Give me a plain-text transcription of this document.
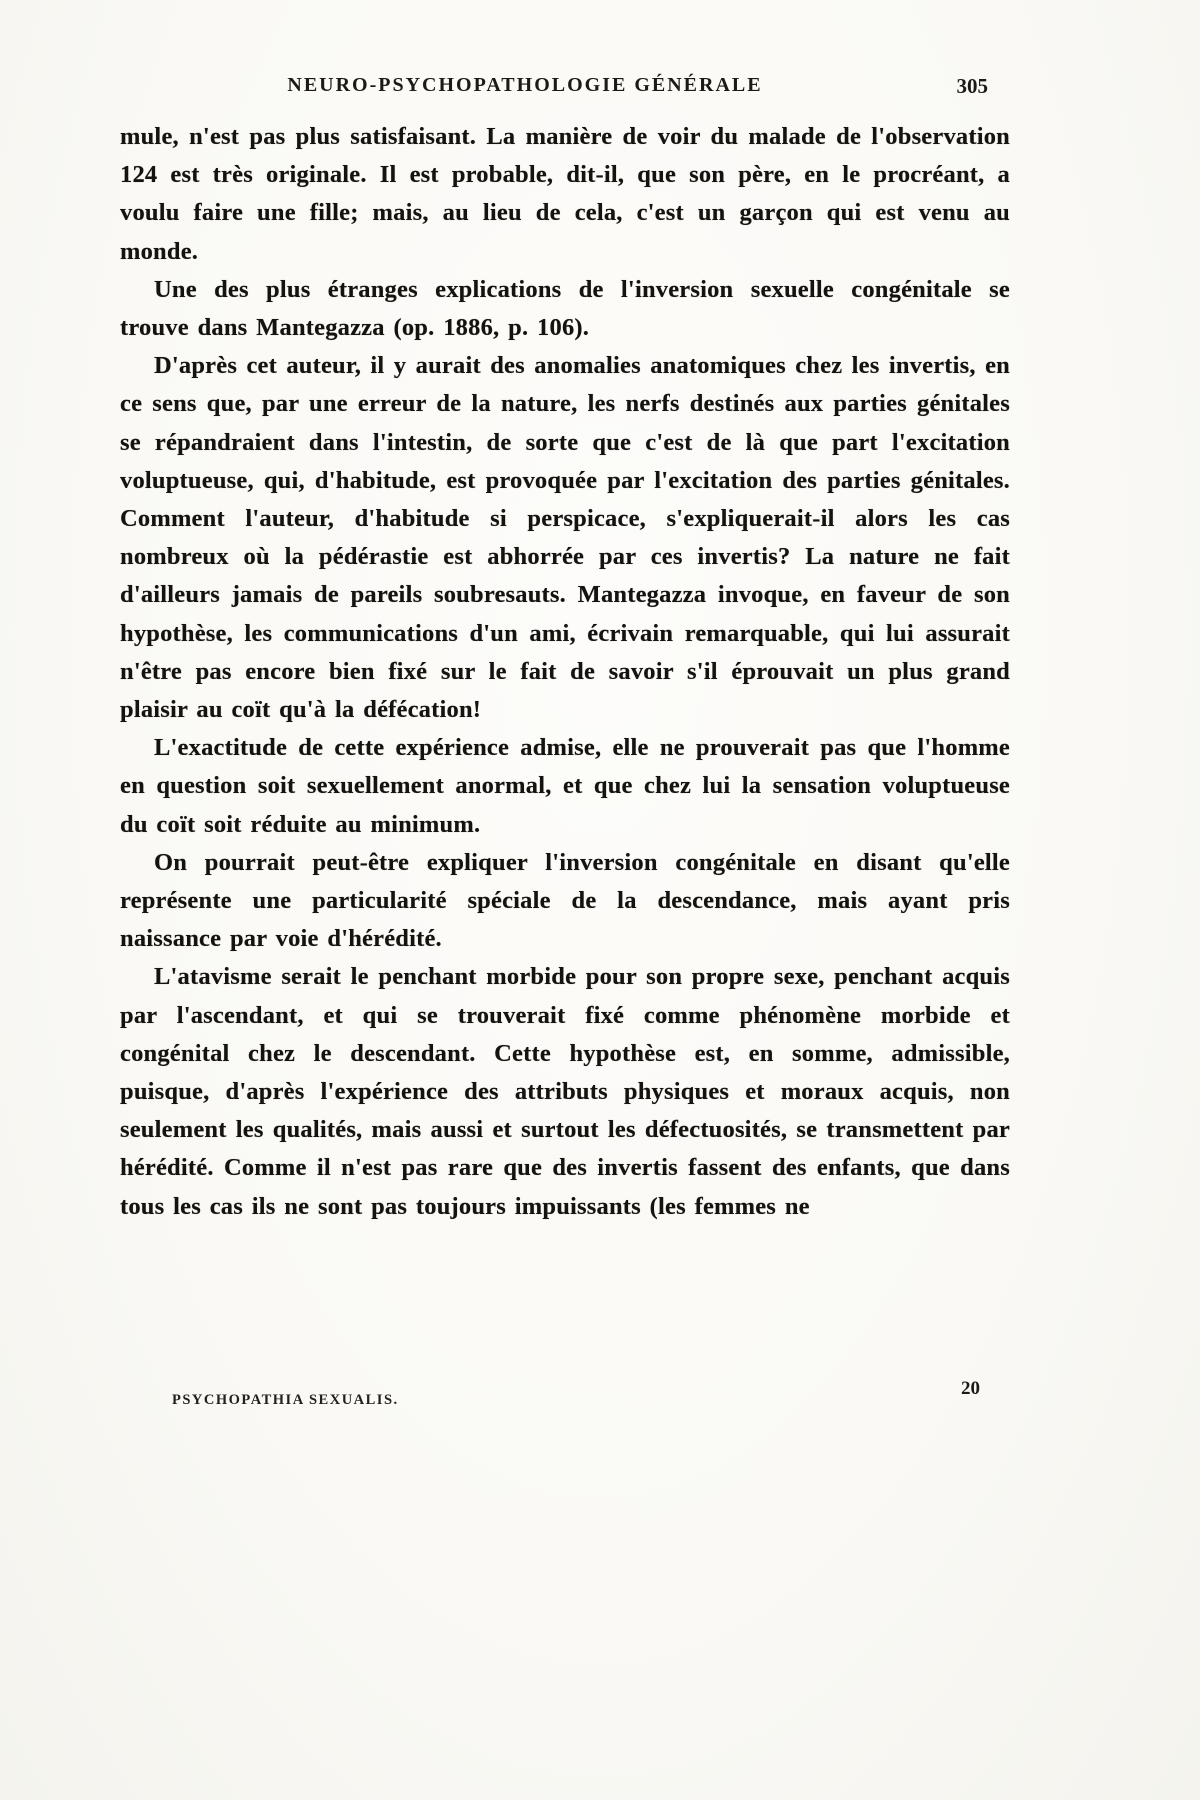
NEURO-PSYCHOPATHOLOGIE GÉNÉRALE	305

mule, n'est pas plus satisfaisant. La manière de voir du malade de l'observation 124 est très originale. Il est probable, dit-il, que son père, en le procréant, a voulu faire une fille; mais, au lieu de cela, c'est un garçon qui est venu au monde.

Une des plus étranges explications de l'inversion sexuelle congénitale se trouve dans Mantegazza (op. 1886, p. 106).

D'après cet auteur, il y aurait des anomalies anatomiques chez les invertis, en ce sens que, par une erreur de la nature, les nerfs destinés aux parties génitales se répandraient dans l'intestin, de sorte que c'est de là que part l'excitation voluptueuse, qui, d'habitude, est provoquée par l'excitation des parties génitales. Comment l'auteur, d'habitude si perspicace, s'expliquerait-il alors les cas nombreux où la pédérastie est abhorrée par ces invertis? La nature ne fait d'ailleurs jamais de pareils soubresauts. Mantegazza invoque, en faveur de son hypothèse, les communications d'un ami, écrivain remarquable, qui lui assurait n'être pas encore bien fixé sur le fait de savoir s'il éprouvait un plus grand plaisir au coït qu'à la défécation!

L'exactitude de cette expérience admise, elle ne prouverait pas que l'homme en question soit sexuellement anormal, et que chez lui la sensation voluptueuse du coït soit réduite au minimum.

On pourrait peut-être expliquer l'inversion congénitale en disant qu'elle représente une particularité spéciale de la descendance, mais ayant pris naissance par voie d'hérédité.

L'atavisme serait le penchant morbide pour son propre sexe, penchant acquis par l'ascendant, et qui se trouverait fixé comme phénomène morbide et congénital chez le descendant. Cette hypothèse est, en somme, admissible, puisque, d'après l'expérience des attributs physiques et moraux acquis, non seulement les qualités, mais aussi et surtout les défectuosités, se transmettent par hérédité. Comme il n'est pas rare que des invertis fassent des enfants, que dans tous les cas ils ne sont pas toujours impuissants (les femmes ne

PSYCHOPATHIA SEXUALIS.
20
